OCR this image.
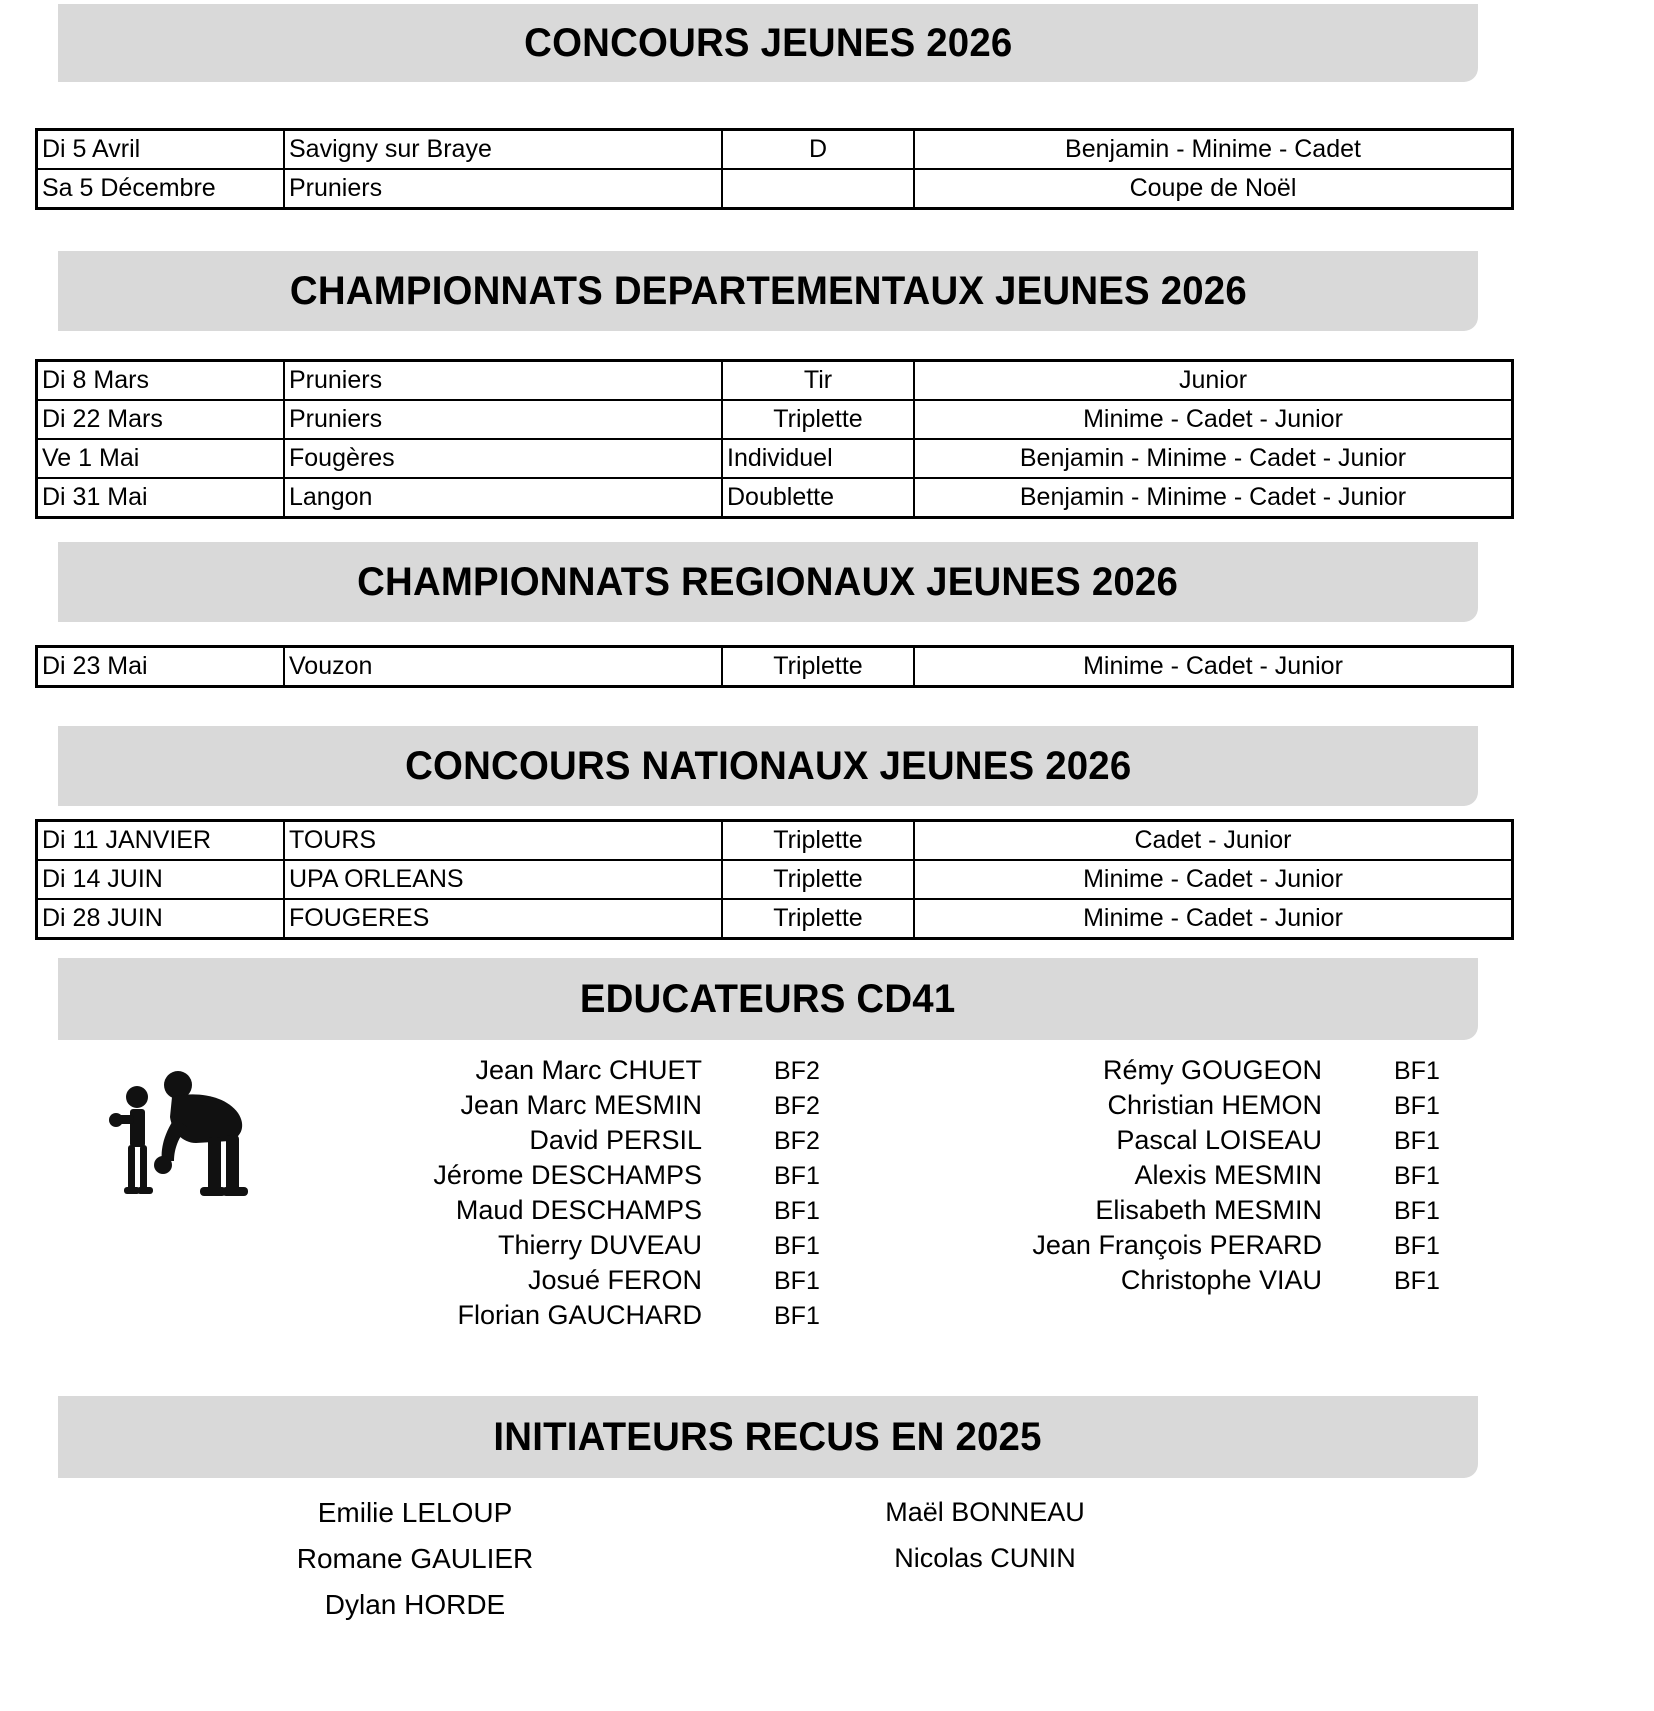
CONCOURS JEUNES 2026
Di 5 Avril	Savigny sur Braye	D	Benjamin - Minime - Cadet
Sa 5 Décembre	Pruniers		Coupe de Noël
CHAMPIONNATS DEPARTEMENTAUX JEUNES 2026
Di 8 Mars	Pruniers	Tir	Junior
Di 22 Mars	Pruniers	Triplette	Minime - Cadet - Junior
Ve 1 Mai	Fougères	Individuel	Benjamin - Minime - Cadet - Junior
Di 31 Mai	Langon	Doublette	Benjamin - Minime - Cadet - Junior
CHAMPIONNATS REGIONAUX JEUNES 2026
Di 23 Mai	Vouzon	Triplette	Minime - Cadet - Junior
CONCOURS NATIONAUX JEUNES 2026
Di 11 JANVIER	TOURS	Triplette	Cadet - Junior
Di 14 JUIN	UPA ORLEANS	Triplette	Minime - Cadet - Junior
Di 28 JUIN	FOUGERES	Triplette	Minime - Cadet - Junior
EDUCATEURS CD41
Jean Marc CHUET	BF2
Jean Marc MESMIN	BF2
David PERSIL	BF2
Jérome DESCHAMPS	BF1
Maud DESCHAMPS	BF1
Thierry DUVEAU	BF1
Josué FERON	BF1
Florian GAUCHARD	BF1
Rémy GOUGEON	BF1
Christian HEMON	BF1
Pascal LOISEAU	BF1
Alexis MESMIN	BF1
Elisabeth MESMIN	BF1
Jean François PERARD	BF1
Christophe VIAU	BF1
INITIATEURS RECUS EN 2025
Emilie LELOUP
Romane GAULIER
Dylan HORDE
Maël BONNEAU
Nicolas CUNIN
